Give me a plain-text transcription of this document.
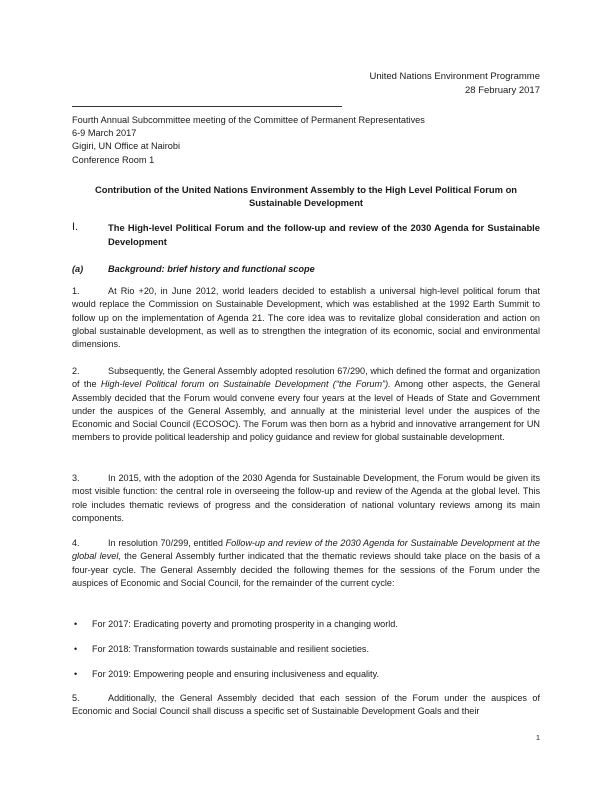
United Nations Environment Programme
28 February 2017
Fourth Annual Subcommittee meeting of the Committee of Permanent Representatives
6-9 March 2017
Gigiri, UN Office at Nairobi
Conference Room 1
Contribution of the United Nations Environment Assembly to the High Level Political Forum on Sustainable Development
I.	The High-level Political Forum and the follow-up and review of the 2030 Agenda for Sustainable Development
(a)	Background: brief history and functional scope
1.	At Rio +20, in June 2012, world leaders decided to establish a universal high-level political forum that would replace the Commission on Sustainable Development, which was established at the 1992 Earth Summit to follow up on the implementation of Agenda 21. The core idea was to revitalize global consideration and action on global sustainable development, as well as to strengthen the integration of its economic, social and environmental dimensions.
2.	Subsequently, the General Assembly adopted resolution 67/290, which defined the format and organization of the High-level Political forum on Sustainable Development (“the Forum”). Among other aspects, the General Assembly decided that the Forum would convene every four years at the level of Heads of State and Government under the auspices of the General Assembly, and annually at the ministerial level under the auspices of the Economic and Social Council (ECOSOC). The Forum was then born as a hybrid and innovative arrangement for UN members to provide political leadership and policy guidance and review for global sustainable development.
3.	In 2015, with the adoption of the 2030 Agenda for Sustainable Development, the Forum would be given its most visible function: the central role in overseeing the follow-up and review of the Agenda at the global level. This role includes thematic reviews of progress and the consideration of national voluntary reviews among its main components.
4.	In resolution 70/299, entitled Follow-up and review of the 2030 Agenda for Sustainable Development at the global level, the General Assembly further indicated that the thematic reviews should take place on the basis of a four-year cycle. The General Assembly decided the following themes for the sessions of the Forum under the auspices of Economic and Social Council, for the remainder of the current cycle:
• For 2017: Eradicating poverty and promoting prosperity in a changing world.
• For 2018: Transformation towards sustainable and resilient societies.
• For 2019: Empowering people and ensuring inclusiveness and equality.
5.	Additionally, the General Assembly decided that each session of the Forum under the auspices of Economic and Social Council shall discuss a specific set of Sustainable Development Goals and their
1
